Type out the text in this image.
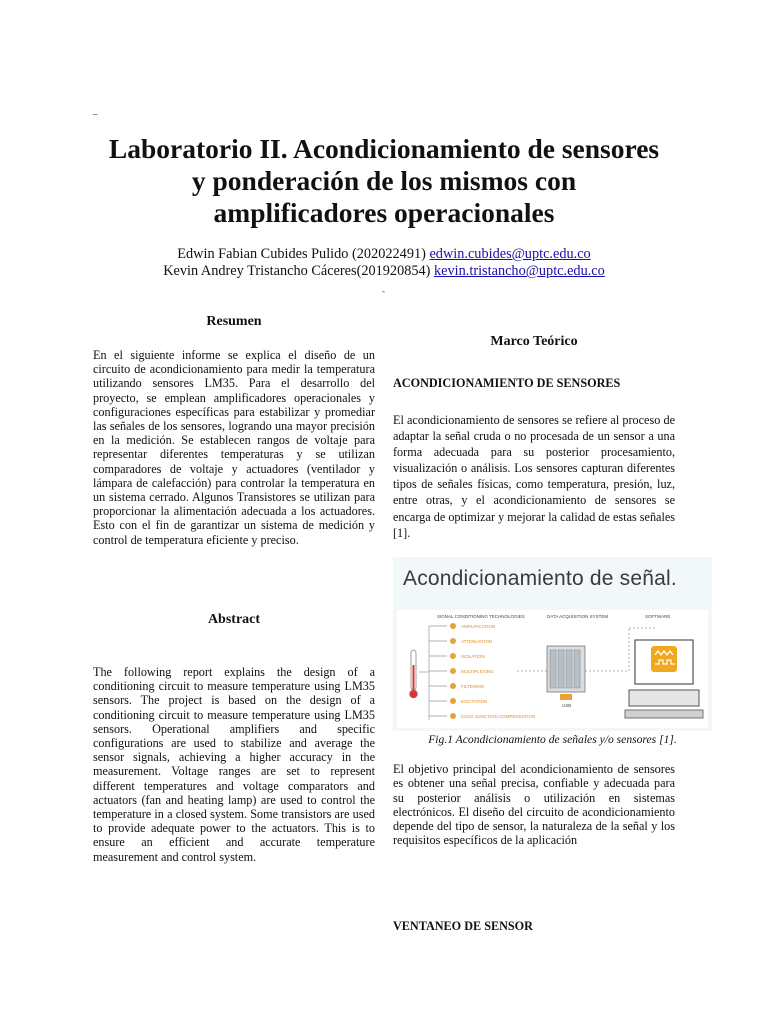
_
-
Laboratorio II. Acondicionamiento de sensores
y ponderación de los mismos con
amplificadores operacionales
Edwin Fabian Cubides Pulido (202022491) edwin.cubides@uptc.edu.co
Kevin Andrey Tristancho Cáceres(201920854) kevin.tristancho@uptc.edu.co
Resumen
En el siguiente informe se explica el diseño de un circuito de acondicionamiento para medir la temperatura utilizando sensores LM35. Para el desarrollo del proyecto, se emplean amplificadores operacionales y configuraciones específicas para estabilizar y promediar las señales de los sensores, logrando una mayor precisión en la medición. Se establecen rangos de voltaje para representar diferentes temperaturas y se utilizan comparadores de voltaje y actuadores (ventilador y lámpara de calefacción) para controlar la temperatura en un sistema cerrado. Algunos Transistores se utilizan para proporcionar la alimentación adecuada a los actuadores. Esto con el fin de garantizar un sistema de medición y control de temperatura eficiente y preciso.
Abstract
The following report explains the design of a conditioning circuit to measure temperature using LM35 sensors. The project is based on the design of a conditioning circuit to measure temperature using LM35 sensors. Operational amplifiers and specific configurations are used to stabilize and average the sensor signals, achieving a higher accuracy in the measurement. Voltage ranges are set to represent different temperatures and voltage comparators and actuators (fan and heating lamp) are used to control the temperature in a closed system. Some transistors are used to provide adequate power to the actuators. This is to ensure an efficient and accurate temperature measurement and control system.
Marco Teórico
ACONDICIONAMIENTO DE SENSORES
El acondicionamiento de sensores se refiere al proceso de adaptar la señal cruda o no procesada de un sensor a una forma adecuada para su posterior procesamiento, visualización o análisis. Los sensores capturan diferentes tipos de señales físicas, como temperatura, presión, luz, entre otras, y el acondicionamiento de sensores se encarga de optimizar y mejorar la calidad de estas señales [1].
Acondicionamiento de señal.
SIGNAL CONDITIONING TECHNOLOGIES	DATA ACQUISITION SYSTEM	SOFTWARE
AMPLIFICATION
ATTENUATION
ISOLATION
MULTIPLEXING
FILTERING
EXCITATION
COLD-JUNCTION COMPENSATION
USB
Fig.1 Acondicionamiento de señales y/o sensores [1].
El objetivo principal del acondicionamiento de sensores es obtener una señal precisa, confiable y adecuada para su posterior análisis o utilización en sistemas electrónicos. El diseño del circuito de acondicionamiento depende del tipo de sensor, la naturaleza de la señal y los requisitos específicos de la aplicación
VENTANEO DE SENSOR
